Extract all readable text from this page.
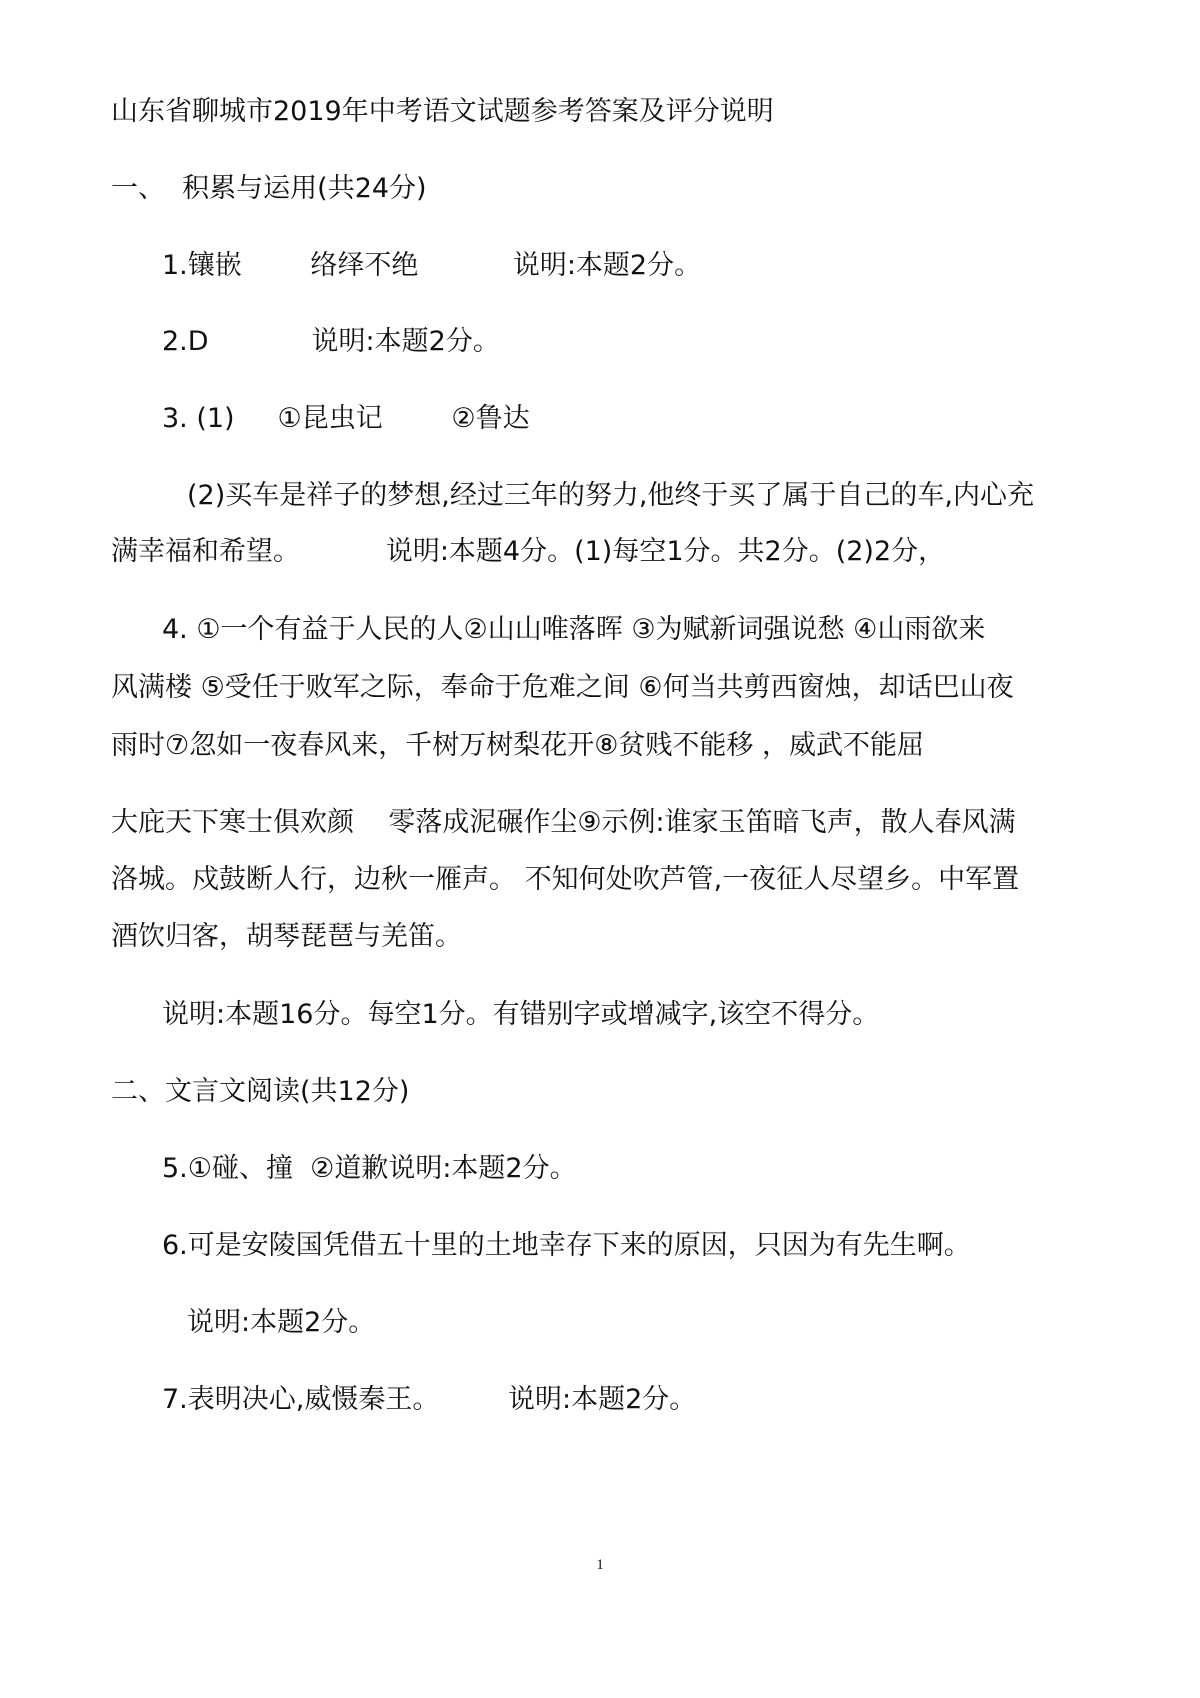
山东省聊城市2019年中考语文试题参考答案及评分说明
一、  积累与运用(共24分)
1.镶嵌        络绎不绝           说明:本题2分。
2.D            说明:本题2分。
3. (1)     ①昆虫记        ②鲁达
(2)买车是祥子的梦想,经过三年的努力,他终于买了属于自己的车,内心充
满幸福和希望。          说明:本题4分。(1)每空1分。共2分。(2)2分，
4. ①一个有益于人民的人②山山唯落晖 ③为赋新词强说愁 ④山雨欲来
风满楼 ⑤受任于败军之际，奉命于危难之间 ⑥何当共剪西窗烛，却话巴山夜
雨时⑦忽如一夜春风来，千树万树梨花开⑧贫贱不能移 ，威武不能屈
大庇天下寒士俱欢颜    零落成泥碾作尘⑨示例:谁家玉笛暗飞声，散人春风满
洛城。戍鼓断人行，边秋一雁声。 不知何处吹芦管,一夜征人尽望乡。中军置
酒饮归客，胡琴琵琶与羌笛。
说明:本题16分。每空1分。有错别字或增减字,该空不得分。
二、文言文阅读(共12分)
5.①碰、撞  ②道歉说明:本题2分。
6.可是安陵国凭借五十里的土地幸存下来的原因，只因为有先生啊。
说明:本题2分。
7.表明决心,威慑秦王。        说明:本题2分。
1
